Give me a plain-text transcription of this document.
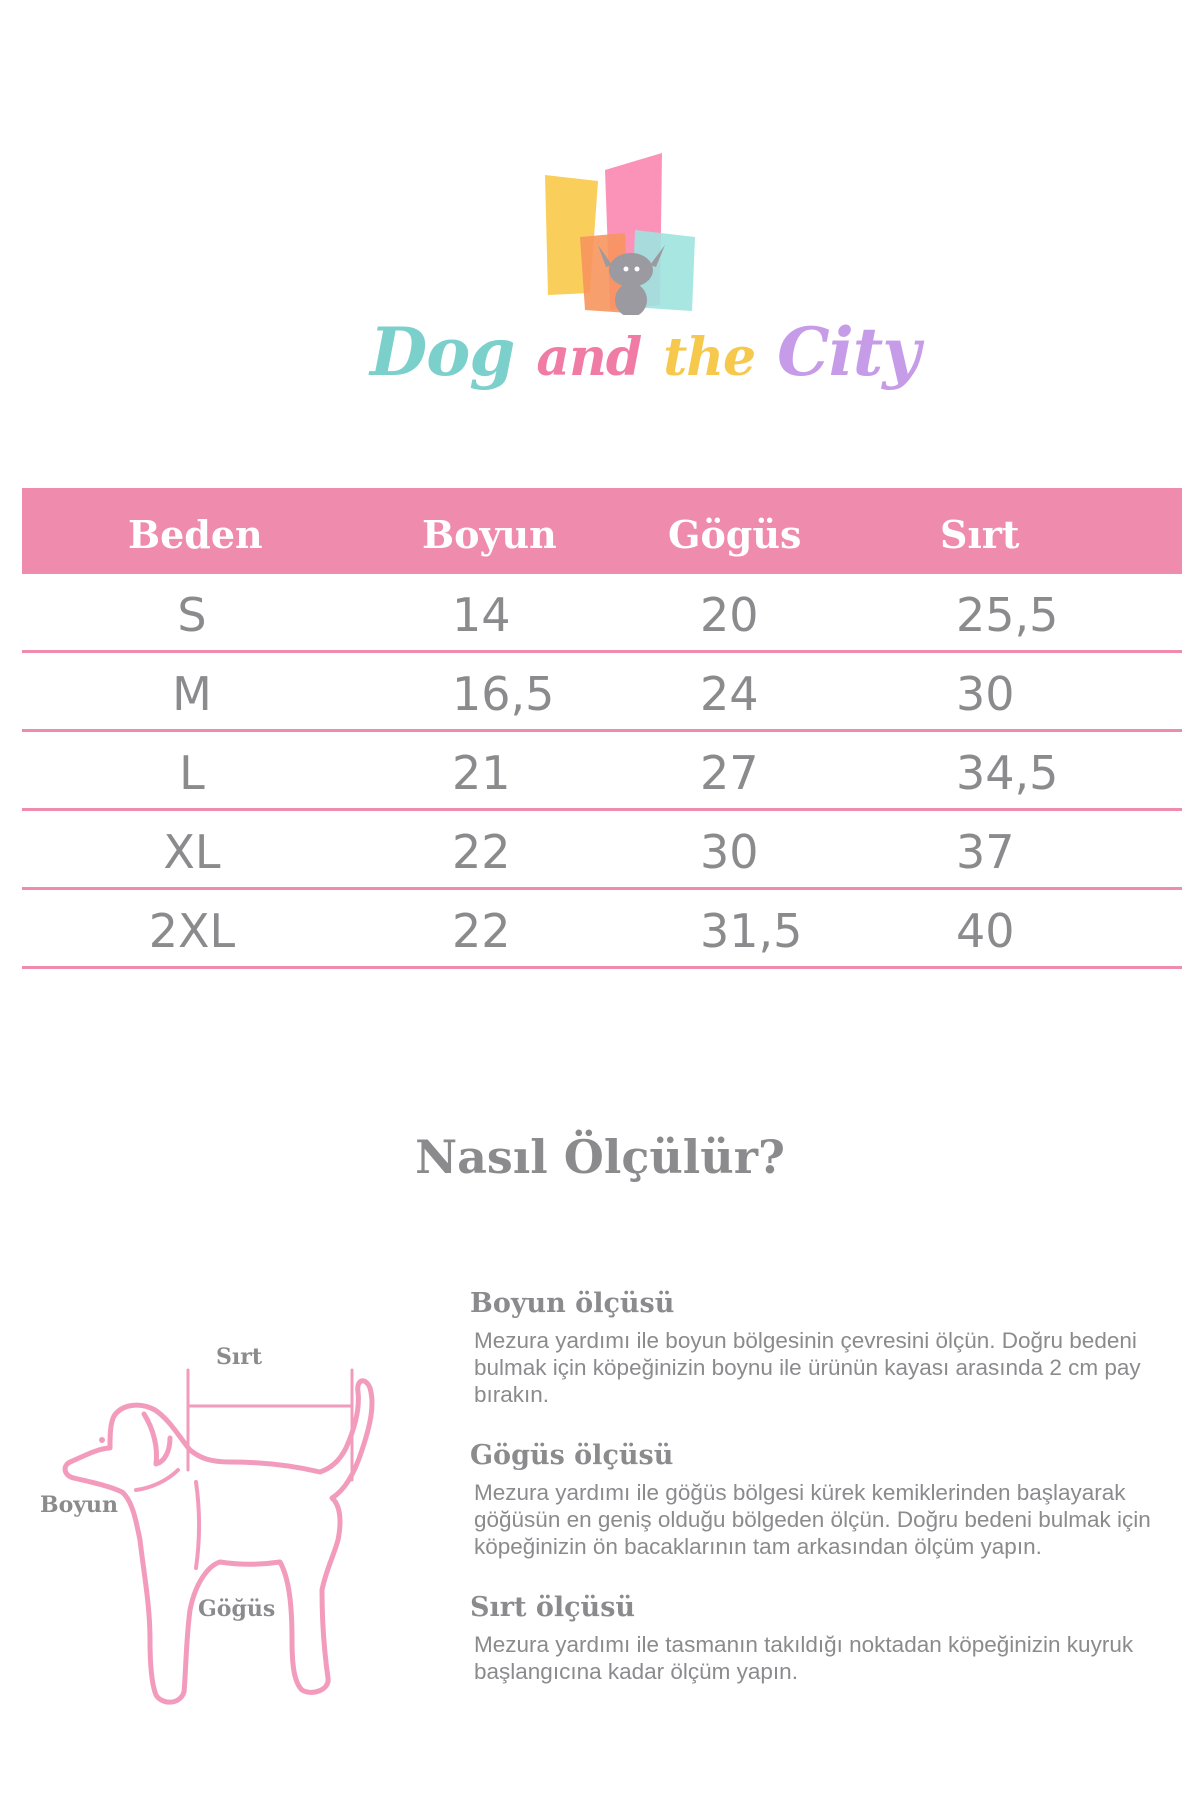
Dog and the City
Beden	Boyun	Gögüs	Sırt
S	14	20	25,5
M	16,5	24	30
L	21	27	34,5
XL	22	30	37
2XL	22	31,5	40
Nasıl Ölçülür?
Sırt
Boyun
Göğüs
Boyun ölçüsü

Mezura yardımı ile boyun bölgesinin çevresini ölçün. Doğru bedeni bulmak için köpeğinizin boynu ile ürünün kayası arasında 2 cm pay bırakın.

Gögüs ölçüsü

Mezura yardımı ile göğüs bölgesi kürek kemiklerinden başlayarak göğüsün en geniş olduğu bölgeden ölçün. Doğru bedeni bulmak için köpeğinizin ön bacaklarının tam arkasından ölçüm yapın.

Sırt ölçüsü

Mezura yardımı ile tasmanın takıldığı noktadan köpeğinizin kuyruk başlangıcına kadar ölçüm yapın.
